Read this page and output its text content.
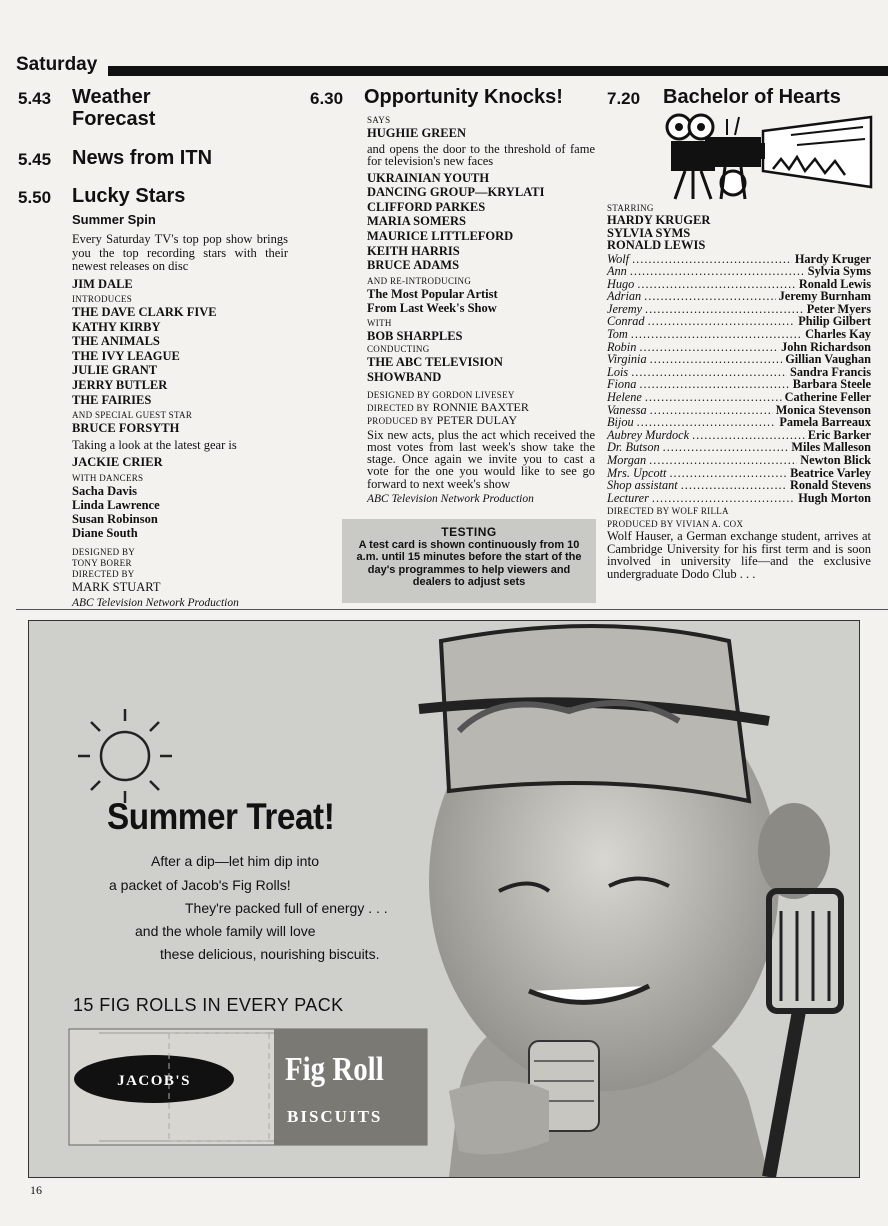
Saturday
5.43	Weather Forecast
5.45	News from ITN
5.50	Lucky Stars
Summer Spin
Every Saturday TV's top pop show brings you the top recording stars with their newest releases on disc
JIM DALE
INTRODUCES
THE DAVE CLARK FIVE
KATHY KIRBY
THE ANIMALS
THE IVY LEAGUE
JULIE GRANT
JERRY BUTLER
THE FAIRIES
AND SPECIAL GUEST STAR
BRUCE FORSYTH
Taking a look at the latest gear is
JACKIE CRIER
WITH DANCERS
Sacha Davis
Linda Lawrence
Susan Robinson
Diane South
DESIGNED BY
TONY BORER
DIRECTED BY
MARK STUART
ABC Television Network Production
6.30	Opportunity Knocks!
SAYS
HUGHIE GREEN
and opens the door to the threshold of fame for television's new faces
UKRAINIAN YOUTH
DANCING GROUP—KRYLATI
CLIFFORD PARKES
MARIA SOMERS
MAURICE LITTLEFORD
KEITH HARRIS
BRUCE ADAMS
AND RE-INTRODUCING
The Most Popular Artist
From Last Week's Show
WITH
BOB SHARPLES
CONDUCTING
THE ABC TELEVISION
SHOWBAND
DESIGNED BY GORDON LIVESEY
DIRECTED BY RONNIE BAXTER
PRODUCED BY PETER DULAY
Six new acts, plus the act which received the most votes from last week's show take the stage. Once again we invite you to cast a vote for the one you would like to see go forward to next week's show
ABC Television Network Production
TESTING
A test card is shown continuously from 10 a.m. until 15 minutes before the start of the day's programmes to help viewers and dealers to adjust sets
7.20	Bachelor of Hearts
STARRING
HARDY KRUGER
SYLVIA SYMS
RONALD LEWIS
Wolf .....	Hardy Kruger
Ann .....	Sylvia Syms
Hugo .....	Ronald Lewis
Adrian .....	Jeremy Burnham
Jeremy .....	Peter Myers
Conrad .....	Philip Gilbert
Tom .....	Charles Kay
Robin .....	John Richardson
Virginia .....	Gillian Vaughan
Lois .....	Sandra Francis
Fiona .....	Barbara Steele
Helene .....	Catherine Feller
Vanessa .....	Monica Stevenson
Bijou .....	Pamela Barreaux
Aubrey Murdock .....	Eric Barker
Dr. Butson .....	Miles Malleson
Morgan .....	Newton Blick
Mrs. Upcott .....	Beatrice Varley
Shop assistant .....	Ronald Stevens
Lecturer .....	Hugh Morton
DIRECTED BY WOLF RILLA
PRODUCED BY VIVIAN A. COX
Wolf Hauser, a German exchange student, arrives at Cambridge University for his first term and is soon involved in university life—and the exclusive undergraduate Dodo Club . . .
Summer Treat!
After a dip—let him dip into
a packet of Jacob's Fig Rolls!
They're packed full of energy . . .
and the whole family will love
these delicious, nourishing biscuits.
15 FIG ROLLS IN EVERY PACK
JACOB'S	Fig Roll
BISCUITS
16
